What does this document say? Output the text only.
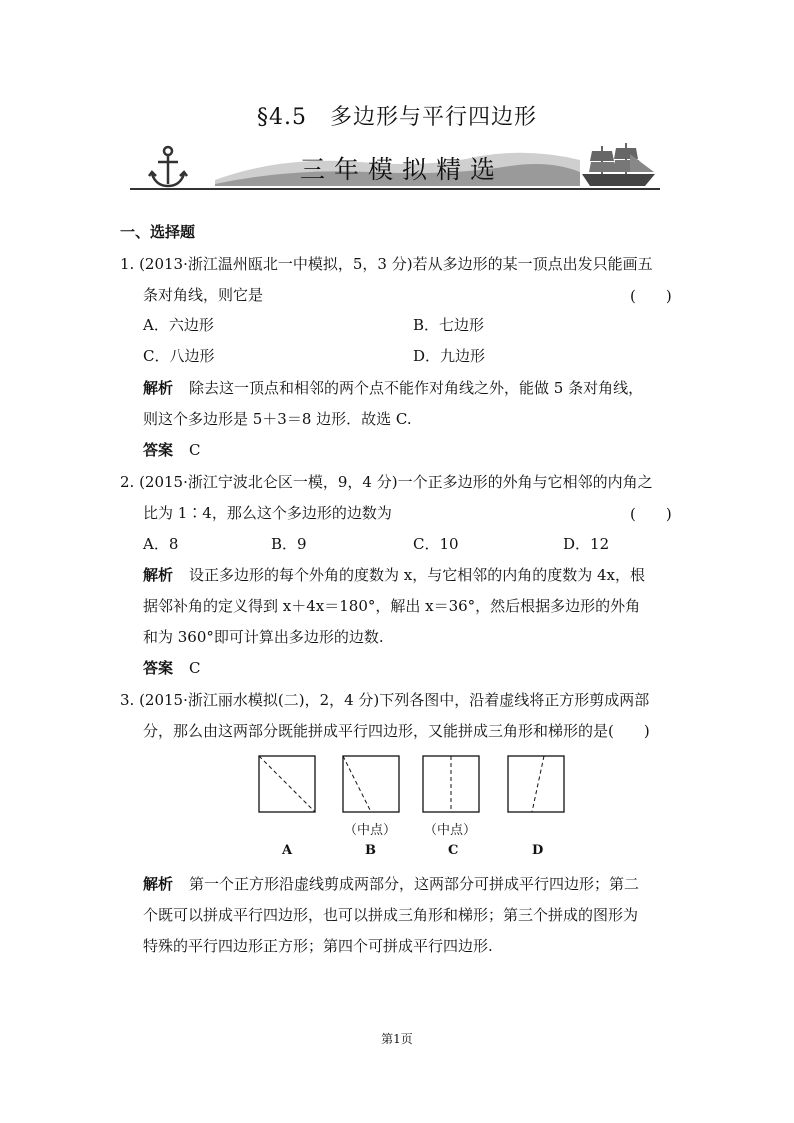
§4.5　多边形与平行四边形
三年模拟精选
一、选择题
1. (2013·浙江温州瓯北一中模拟，5，3 分)若从多边形的某一顶点出发只能画五
条对角线，则它是	(　　)
A．六边形	B．七边形
C．八边形	D．九边形
解析 除去这一顶点和相邻的两个点不能作对角线之外，能做 5 条对角线，
则这个多边形是 5＋3＝8 边形．故选 C.
答案 C
2. (2015·浙江宁波北仑区一模，9，4 分)一个正多边形的外角与它相邻的内角之
比为 1∶4，那么这个多边形的边数为	(　　)
A．8	B．9	C．10	D．12
解析 设正多边形的每个外角的度数为 x，与它相邻的内角的度数为 4x，根
据邻补角的定义得到 x＋4x＝180°，解出 x＝36°，然后根据多边形的外角
和为 360°即可计算出多边形的边数.
答案 C
3. (2015·浙江丽水模拟(二)，2，4 分)下列各图中，沿着虚线将正方形剪成两部
分，那么由这两部分既能拼成平行四边形，又能拼成三角形和梯形的是(　　)
（中点） （中点）
A	B	C	D
解析 第一个正方形沿虚线剪成两部分，这两部分可拼成平行四边形；第二
个既可以拼成平行四边形，也可以拼成三角形和梯形；第三个拼成的图形为
特殊的平行四边形正方形；第四个可拼成平行四边形.
第1页
